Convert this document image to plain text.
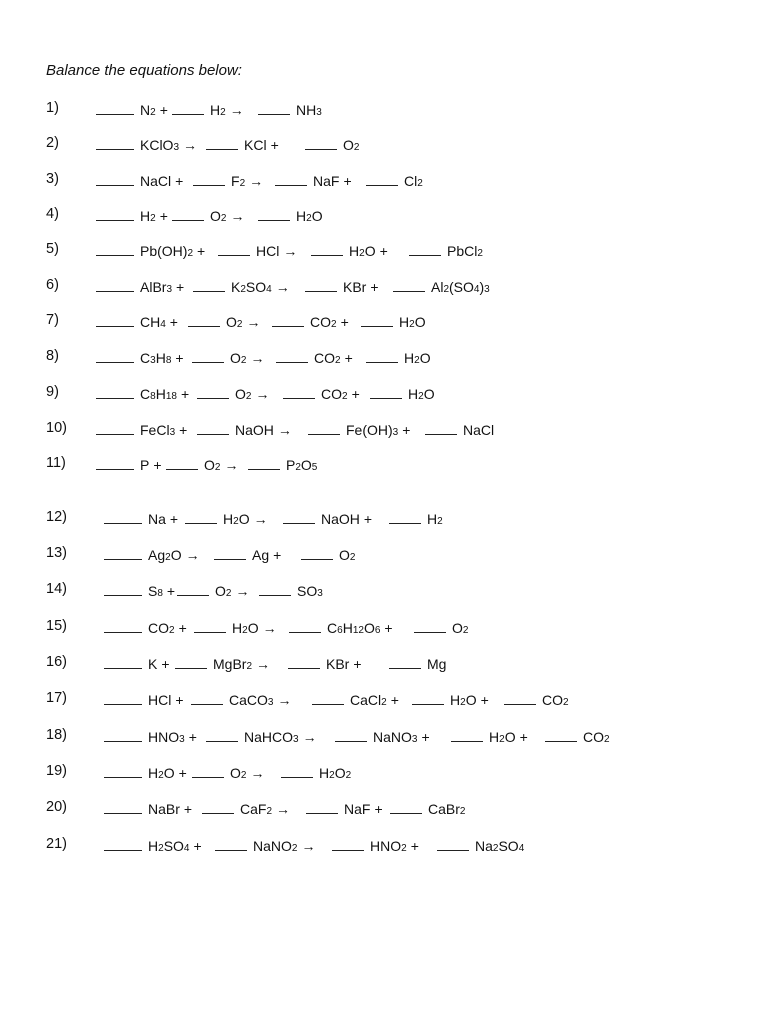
Balance the equations below:
1)	N 2 +	H 2 →	NH 3
2)	KClO 3 →	KCl +	O 2
3)	NaCl +	F 2 →	NaF +	Cl 2
4)	H 2 +	O 2 →	H 2 O
5)	Pb(OH) 2 +	HCl →	H 2 O +	PbCl 2
6)	AlBr 3 +	K 2 SO 4 →	KBr +	Al 2 (SO 4 ) 3
7)	CH 4 +	O 2 →	CO 2 +	H 2 O
8)	C 3 H 8 +	O 2 →	CO 2 +	H 2 O
9)	C 8 H 18 +	O 2 →	CO 2 +	H 2 O
10)	FeCl 3 +	NaOH →	Fe(OH) 3 +	NaCl
11)	P +	O 2 →	P 2 O 5
12)	Na +	H 2 O →	NaOH +	H 2
13)	Ag 2 O →	Ag +	O 2
14)	S 8 +	O 2 →	SO 3
15)	CO 2 +	H 2 O →	C 6 H 12 O 6 +	O 2
16)	K +	MgBr 2 →	KBr +	Mg
17)	HCl +	CaCO 3 →	CaCl 2 +	H 2 O +	CO 2
18)	HNO 3 +	NaHCO 3 →	NaNO 3 +	H 2 O +	CO 2
19)	H 2 O +	O 2 →	H 2 O 2
20)	NaBr +	CaF 2 →	NaF +	CaBr 2
21)	H 2 SO 4 +	NaNO 2 →	HNO 2 +	Na 2 SO 4
